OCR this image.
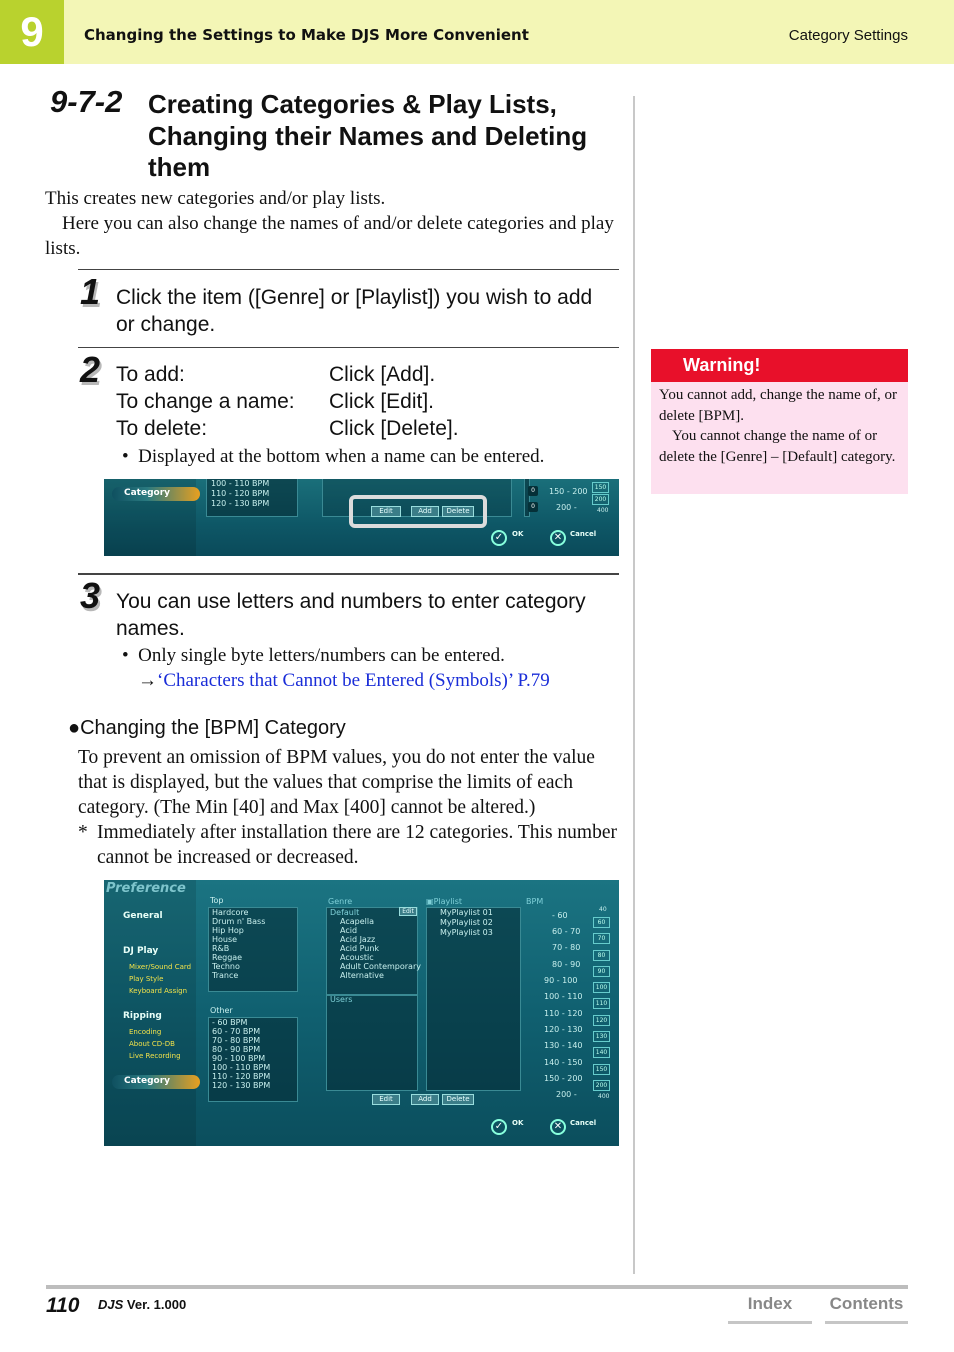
9	Changing the Settings to Make DJS More Convenient	Category Settings
9-7-2 Creating Categories & Play Lists, Changing their Names and Deleting them
This creates new categories and/or play lists.
Here you can also change the names of and/or delete categories and play lists.
1 Click the item ([Genre] or [Playlist]) you wish to add or change.
2 To add:	Click [Add].
To change a name:	Click [Edit].
To delete:	Click [Delete].
•  Displayed at the bottom when a name can be entered.
Category
100 - 110 BPM
110 - 120 BPM
120 - 130 BPM
Edit	Add	Delete
0	150 - 200	150
0	200 -
200
400
✓	OK	✕	Cancel
3 You can use letters and numbers to enter category names.
•  Only single byte letters/numbers can be entered.
→‘Characters that Cannot be Entered (Symbols)’ P.79
●Changing the [BPM] Category
To prevent an omission of BPM values, you do not enter the value that is displayed, but the values that comprise the limits of each category. (The Min [40] and Max [400] cannot be altered.)
* Immediately after installation there are 12 categories. This number cannot be increased or decreased.
Preference
General
DJ Play
Mixer/Sound Card
Play Style
Keyboard Assign
Ripping
Encoding
About CD-DB
Live Recording
Category
Top
Hardcore
Drum n' Bass
Hip Hop
House
R&B
Reggae
Techno
Trance
Other
- 60 BPM
60 - 70 BPM
70 - 80 BPM
80 - 90 BPM
90 - 100 BPM
100 - 110 BPM
110 - 120 BPM
120 - 130 BPM
Genre
Default	Edit
Acapella
Acid
Acid Jazz
Acid Punk
Acoustic
Adult Contemporary
Alternative
Users
▣Playlist
MyPlaylist 01
MyPlaylist 02
MyPlaylist 03
BPM
- 60
60 - 70
70 - 80
80 - 90
90 - 100
100 - 110
110 - 120
120 - 130
130 - 140
140 - 150
150 - 200
200 -
40
60
70
80
90
100
110
120
130
140
150
200
400
Edit	Add	Delete
✓	OK	✕	Cancel
Warning!
You cannot add, change the name of, or delete [BPM].
You cannot change the name of or delete the [Genre] – [Default] category.
110 DJS Ver. 1.000	Index	Contents
